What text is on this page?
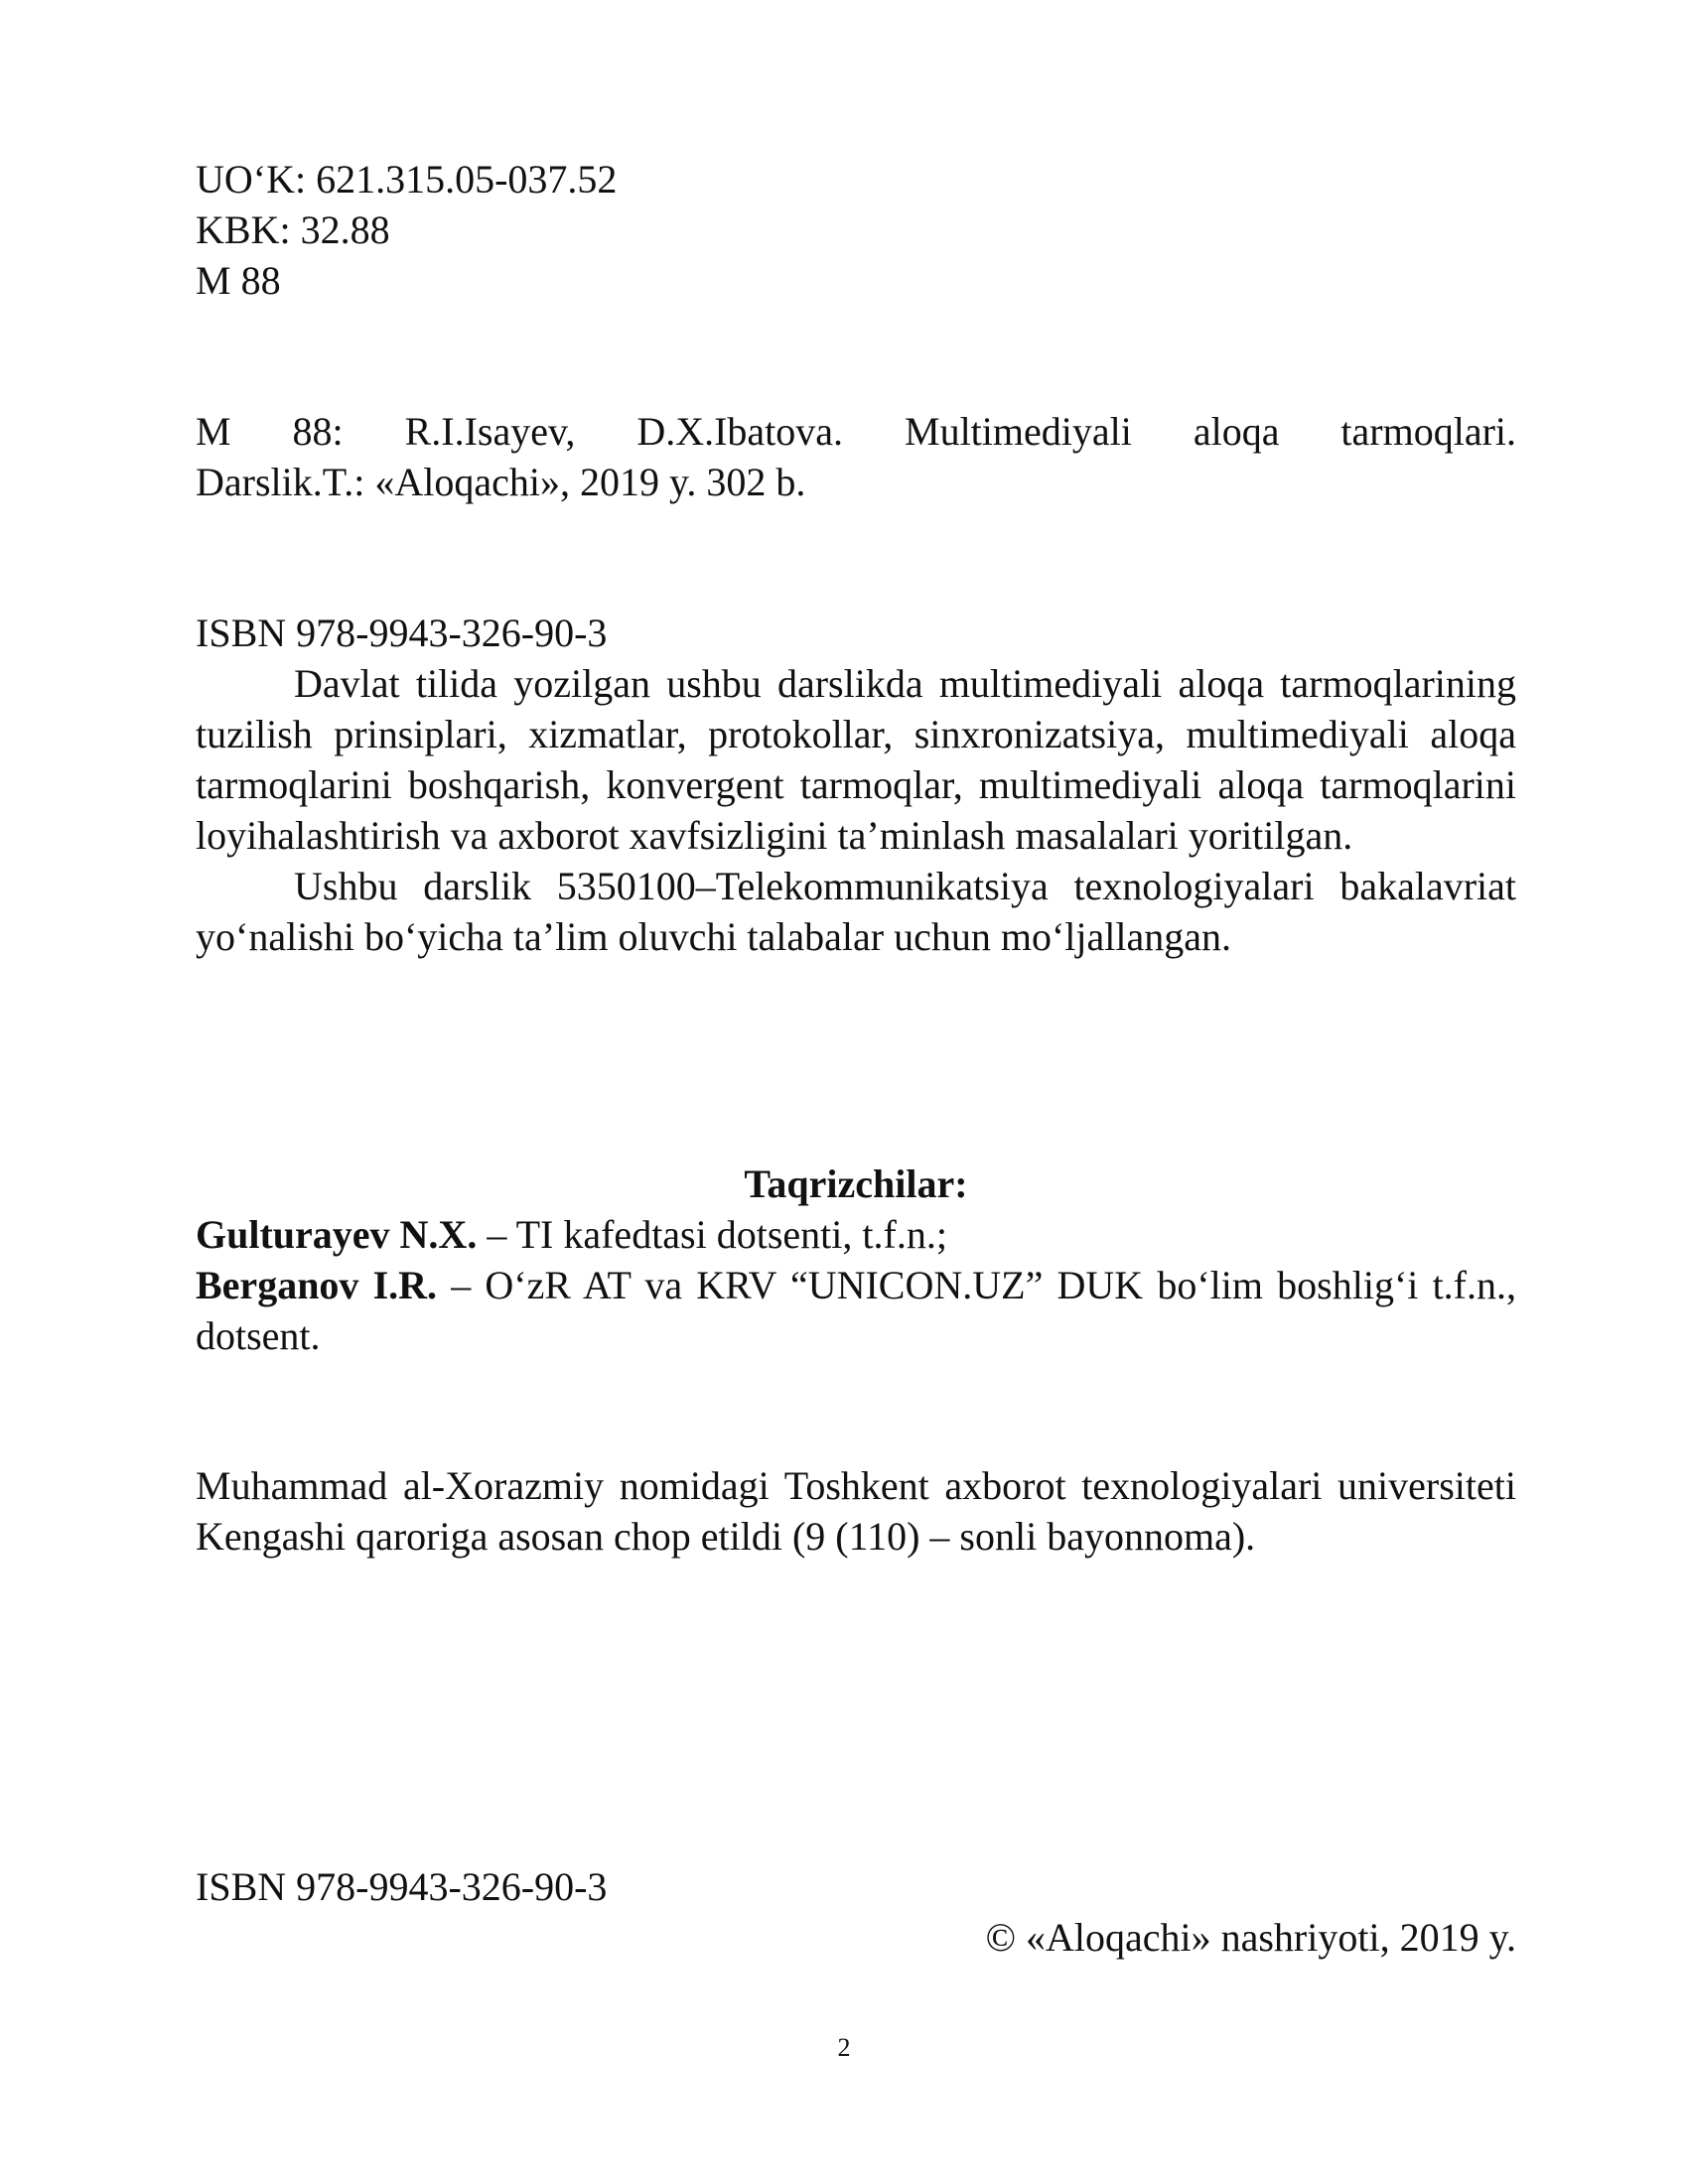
UO‘K: 621.315.05-037.52
KBK: 32.88
M 88
M 88: R.I.Isayev, D.X.Ibatova. Multimediyali aloqa tarmoqlari.
Darslik.T.: «Aloqachi», 2019 y. 302 b.
ISBN 978-9943-326-90-3
Davlat tilida yozilgan ushbu darslikda multimediyali aloqa tarmoqlarining tuzilish prinsiplari, xizmatlar, protokollar, sinxronizatsiya, multimediyali aloqa tarmoqlarini boshqarish, konvergent tarmoqlar, multimediyali aloqa tarmoqlarini loyihalashtirish va axborot xavfsizligini ta’minlash masalalari yoritilgan.
Ushbu darslik 5350100–Telekommunikatsiya texnologiyalari bakalavriat yo‘nalishi bo‘yicha ta’lim oluvchi talabalar uchun mo‘ljallangan.
Taqrizchilar:
Gulturayev N.X. – TI kafedtasi dotsenti, t.f.n.;
Berganov I.R. – O‘zR AT va KRV “UNICON.UZ” DUK bo‘lim boshlig‘i t.f.n., dotsent.
Muhammad al-Xorazmiy nomidagi Toshkent axborot texnologiyalari universiteti Kengashi qaroriga asosan chop etildi (9 (110) – sonli bayonnoma).
ISBN 978-9943-326-90-3
© «Aloqachi» nashriyoti, 2019 y.
2
